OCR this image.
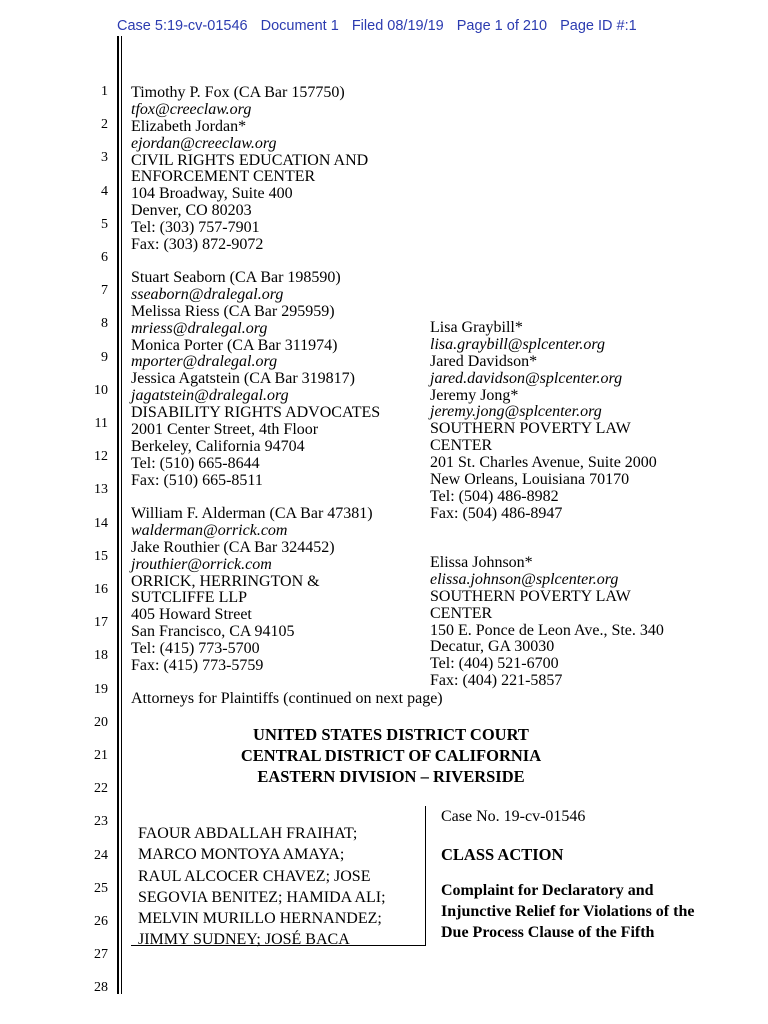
Case 5:19-cv-01546 Document 1 Filed 08/19/19 Page 1 of 210 Page ID #:1
1
2
3
4
5
6
7
8
9
10
11
12
13
14
15
16
17
18
19
20
21
22
23
24
25
26
27
28
Timothy P. Fox (CA Bar 157750)
tfox@creeclaw.org
Elizabeth Jordan*
ejordan@creeclaw.org
CIVIL RIGHTS EDUCATION AND
ENFORCEMENT CENTER
104 Broadway, Suite 400
Denver, CO 80203
Tel: (303) 757-7901
Fax: (303) 872-9072
Stuart Seaborn (CA Bar 198590)
sseaborn@dralegal.org
Melissa Riess (CA Bar 295959)
mriess@dralegal.org
Monica Porter (CA Bar 311974)
mporter@dralegal.org
Jessica Agatstein (CA Bar 319817)
jagatstein@dralegal.org
DISABILITY RIGHTS ADVOCATES
2001 Center Street, 4th Floor
Berkeley, California 94704
Tel: (510) 665-8644
Fax: (510) 665-8511
William F. Alderman (CA Bar 47381)
walderman@orrick.com
Jake Routhier (CA Bar 324452)
jrouthier@orrick.com
ORRICK, HERRINGTON &
SUTCLIFFE LLP
405 Howard Street
San Francisco, CA 94105
Tel: (415) 773-5700
Fax: (415) 773-5759
Lisa Graybill*
lisa.graybill@splcenter.org
Jared Davidson*
jared.davidson@splcenter.org
Jeremy Jong*
jeremy.jong@splcenter.org
SOUTHERN POVERTY LAW
CENTER
201 St. Charles Avenue, Suite 2000
New Orleans, Louisiana 70170
Tel: (504) 486-8982
Fax: (504) 486-8947
Elissa Johnson*
elissa.johnson@splcenter.org
SOUTHERN POVERTY LAW
CENTER
150 E. Ponce de Leon Ave., Ste. 340
Decatur, GA 30030
Tel: (404) 521-6700
Fax: (404) 221-5857
Attorneys for Plaintiffs (continued on next page)
UNITED STATES DISTRICT COURT
CENTRAL DISTRICT OF CALIFORNIA
EASTERN DIVISION – RIVERSIDE
FAOUR ABDALLAH FRAIHAT;
MARCO MONTOYA AMAYA;
RAUL ALCOCER CHAVEZ; JOSE
SEGOVIA BENITEZ; HAMIDA ALI;
MELVIN MURILLO HERNANDEZ;
JIMMY SUDNEY; JOSÉ BACA
Case No. 19-cv-01546
CLASS ACTION
Complaint for Declaratory and
Injunctive Relief for Violations of the
Due Process Clause of the Fifth
